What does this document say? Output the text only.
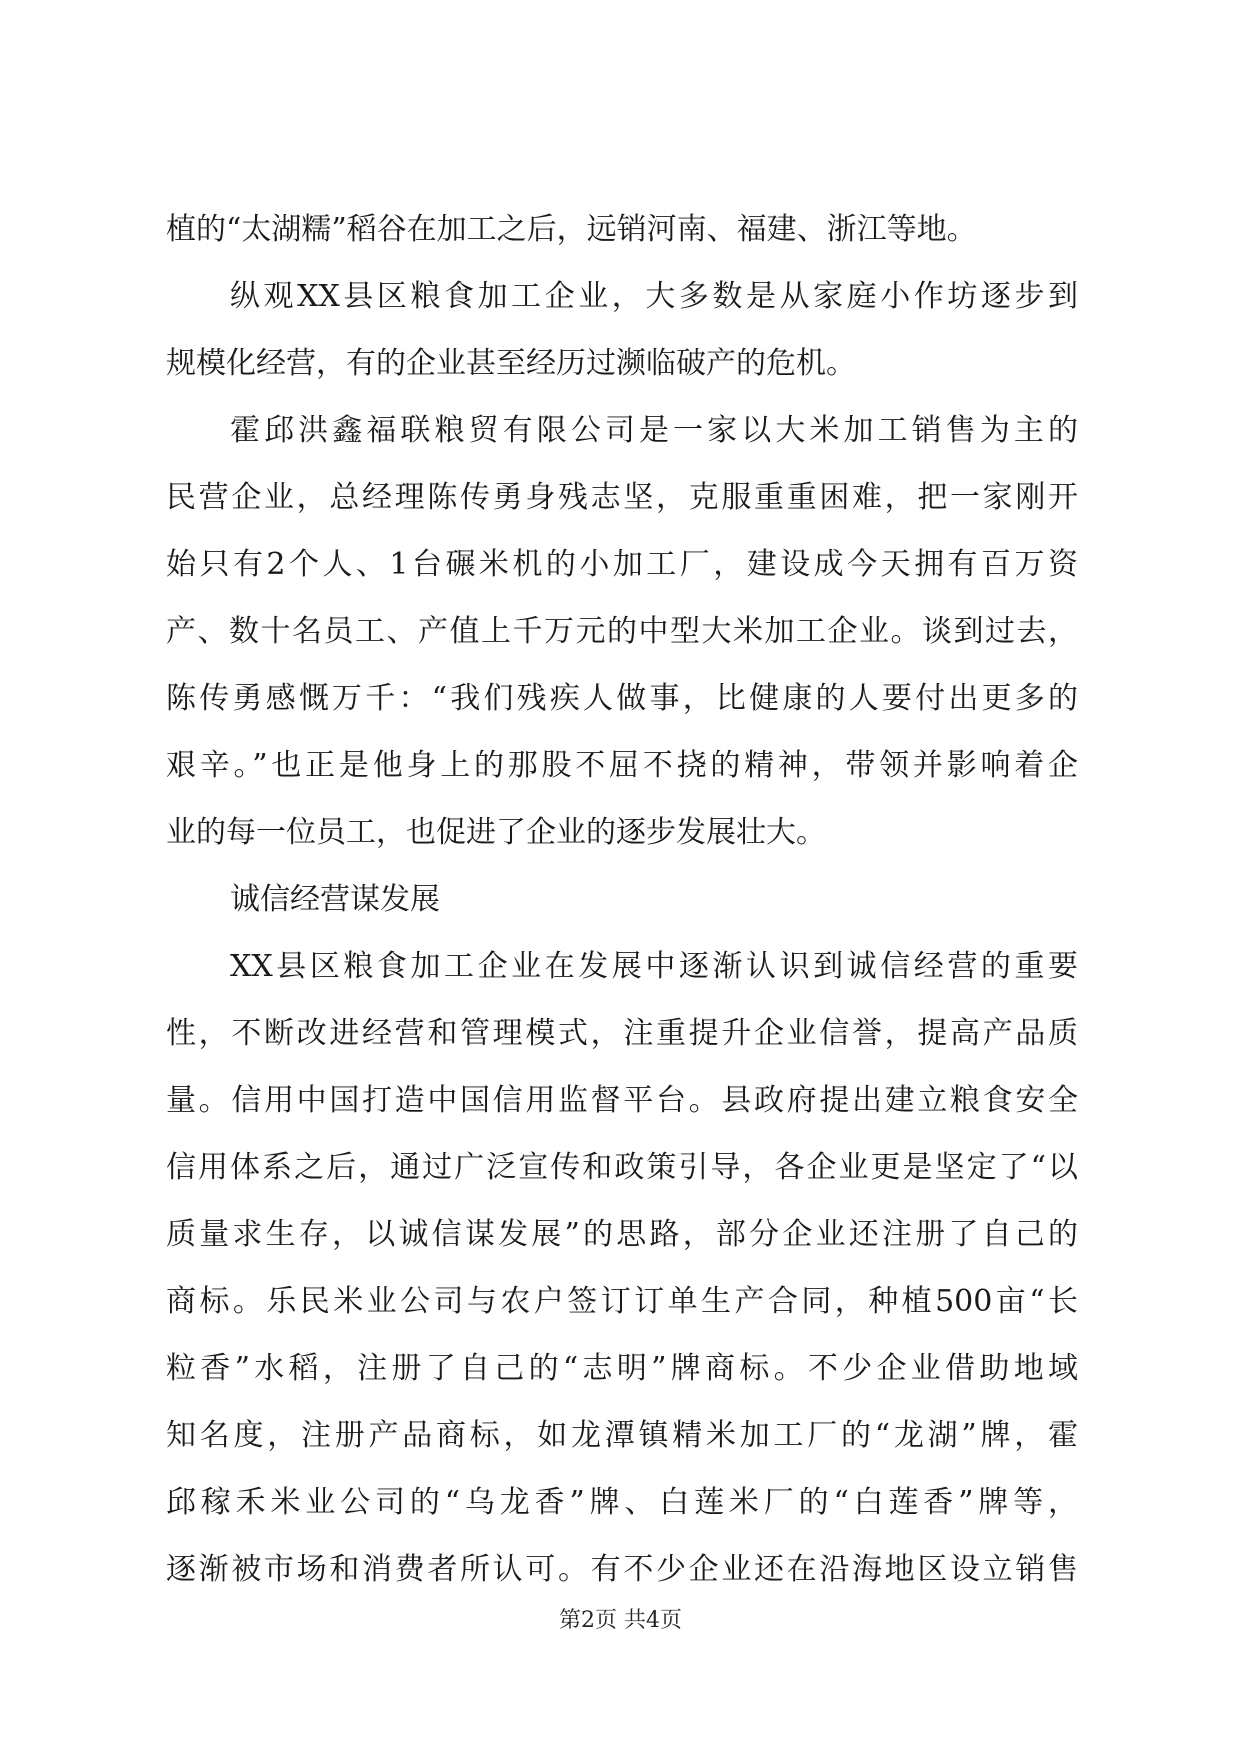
植的“太湖糯”稻谷在加工之后，远销河南、福建、浙江等地。
纵观XX县区粮食加工企业，大多数是从家庭小作坊逐步到
规模化经营，有的企业甚至经历过濒临破产的危机。
霍邱洪鑫福联粮贸有限公司是一家以大米加工销售为主的
民营企业，总经理陈传勇身残志坚，克服重重困难，把一家刚开
始只有2个人、1台碾米机的小加工厂，建设成今天拥有百万资
产、数十名员工、产值上千万元的中型大米加工企业。谈到过去，
陈传勇感慨万千：“我们残疾人做事，比健康的人要付出更多的
艰辛。”也正是他身上的那股不屈不挠的精神，带领并影响着企
业的每一位员工，也促进了企业的逐步发展壮大。
诚信经营谋发展
XX县区粮食加工企业在发展中逐渐认识到诚信经营的重要
性，不断改进经营和管理模式，注重提升企业信誉，提高产品质
量。信用中国打造中国信用监督平台。县政府提出建立粮食安全
信用体系之后，通过广泛宣传和政策引导，各企业更是坚定了“以
质量求生存，以诚信谋发展”的思路，部分企业还注册了自己的
商标。乐民米业公司与农户签订订单生产合同，种植500亩“长
粒香”水稻，注册了自己的“志明”牌商标。不少企业借助地域
知名度，注册产品商标，如龙潭镇精米加工厂的“龙湖”牌，霍
邱稼禾米业公司的“乌龙香”牌、白莲米厂的“白莲香”牌等，
逐渐被市场和消费者所认可。有不少企业还在沿海地区设立销售
第2页 共4页
